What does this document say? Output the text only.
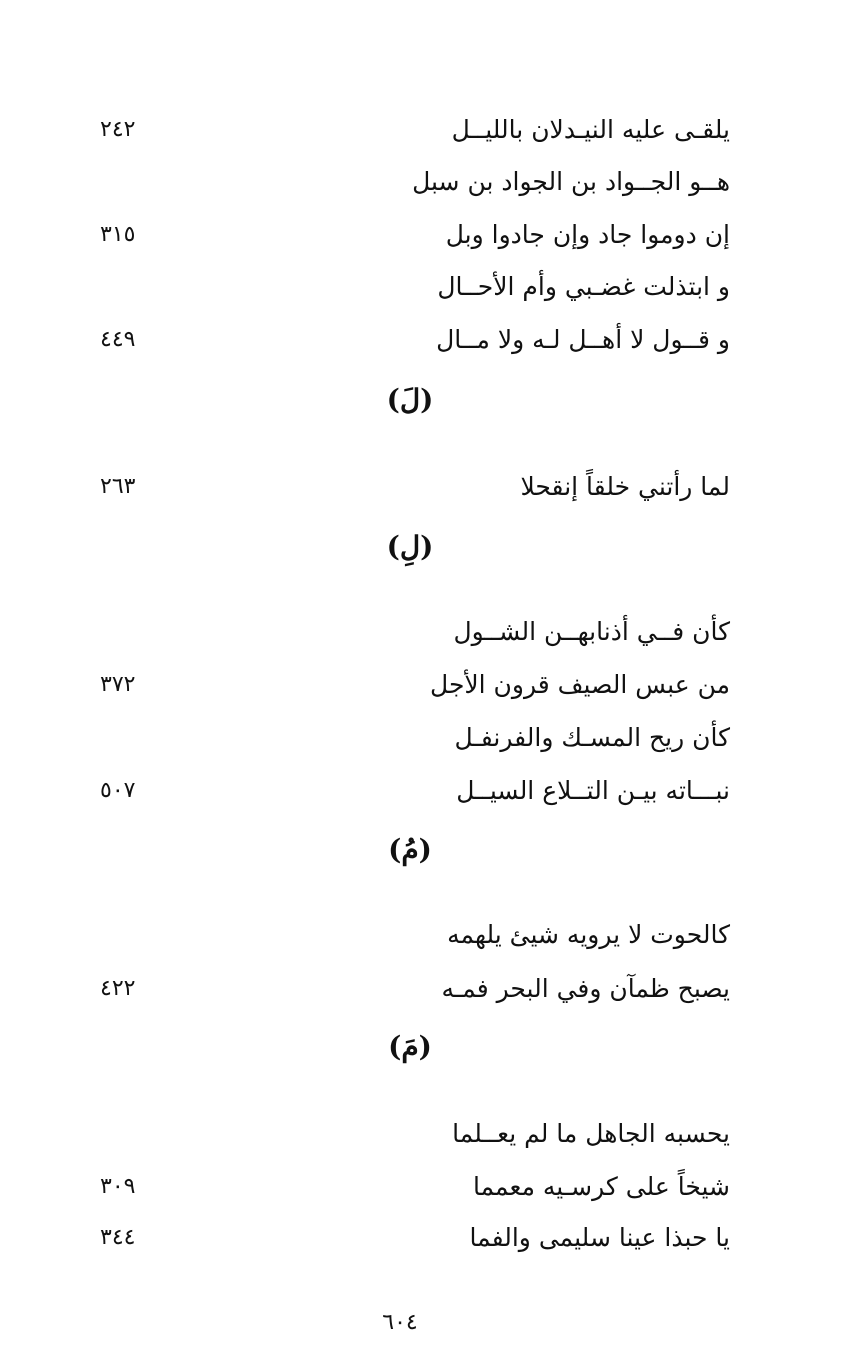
يلقـى عليه النيـدلان بالليــل
٢٤٢
هــو الجــواد بن الجواد بن سبل
إن دوموا جاد وإن جادوا وبل
٣١٥
و ابتذلت غضـبي وأم الأحــال
و قــول لا أهــل لـه ولا مــال
٤٤٩
(لَ)
لما رأتني خلقاً إنقحلا
٢٦٣
(لِ)
كأن فــي أذنابهــن الشــول
من عبس الصيف قرون الأجل
٣٧٢
كأن ريح المسـك والفرنفـل
نبـــاته بيـن التــلاع السيــل
٥٠٧
(مُ)
كالحوت لا يرويه شيئ يلهمه
يصبح ظمآن وفي البحر فمـه
٤٢٢
(مَ)
يحسبه الجاهل ما لم يعــلما
شيخاً على كرسـيه معمما
٣٠٩
يا حبذا عينا سليمى والفما
٣٤٤
٦٠٤
